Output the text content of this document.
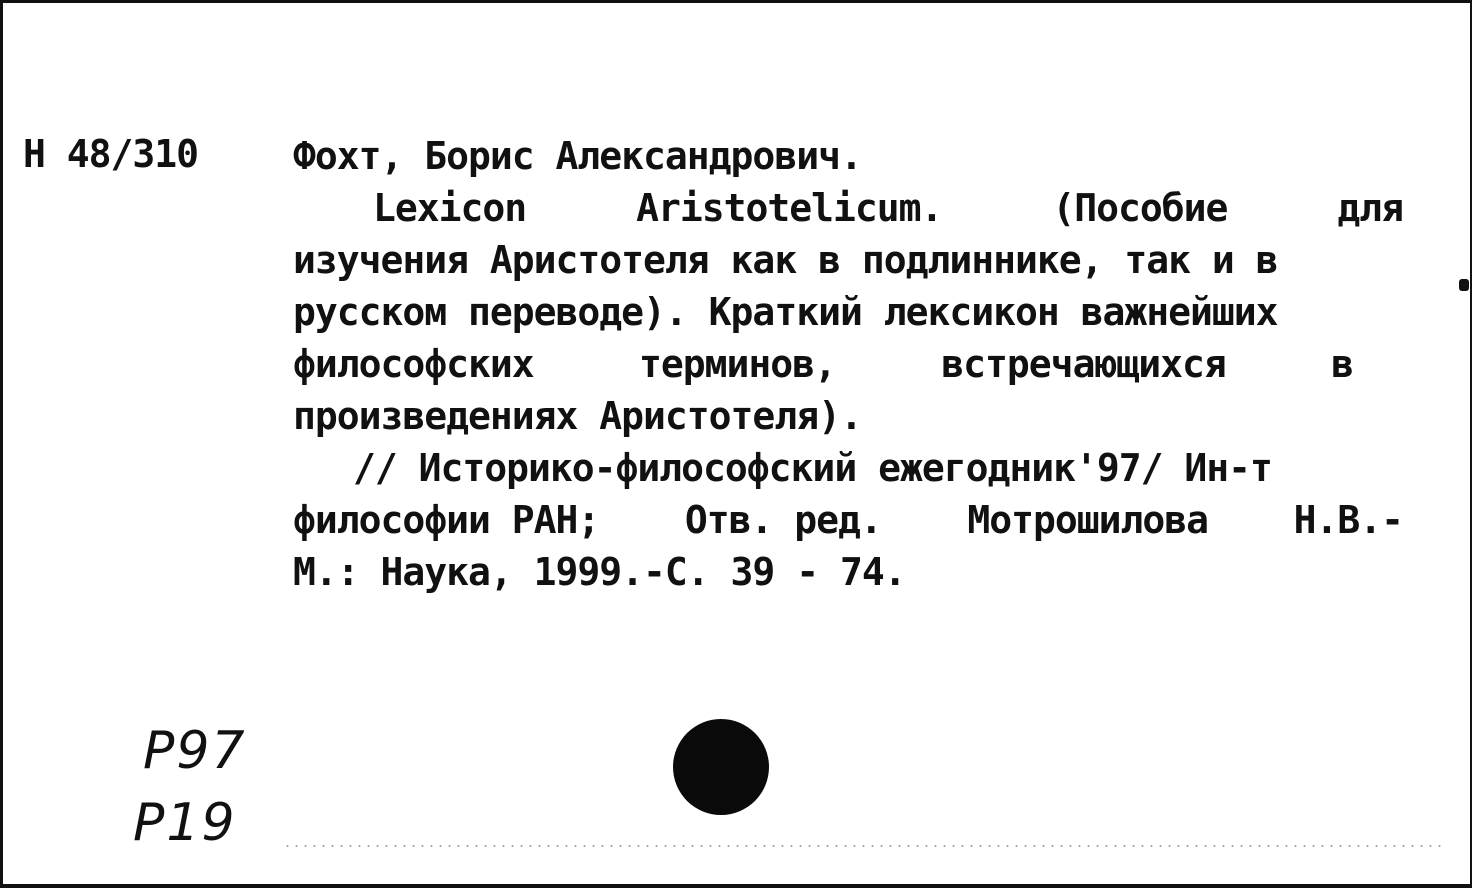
Н 48/310 Фохт, Борис Александрович.
Lexicon	Aristotelicum.	(Пособие	для
изучения Аристотеля как в подлиннике, так и в
русском переводе). Краткий лексикон важнейших
философских	терминов,	встречающихся	в
произведениях Аристотеля).
// Историко-философский ежегодник'97/ Ин-т
философии РАН; Отв. ред. Мотрошилова Н.В.-
М.: Наука, 1999.-С. 39 - 74.
Р97
Р19
